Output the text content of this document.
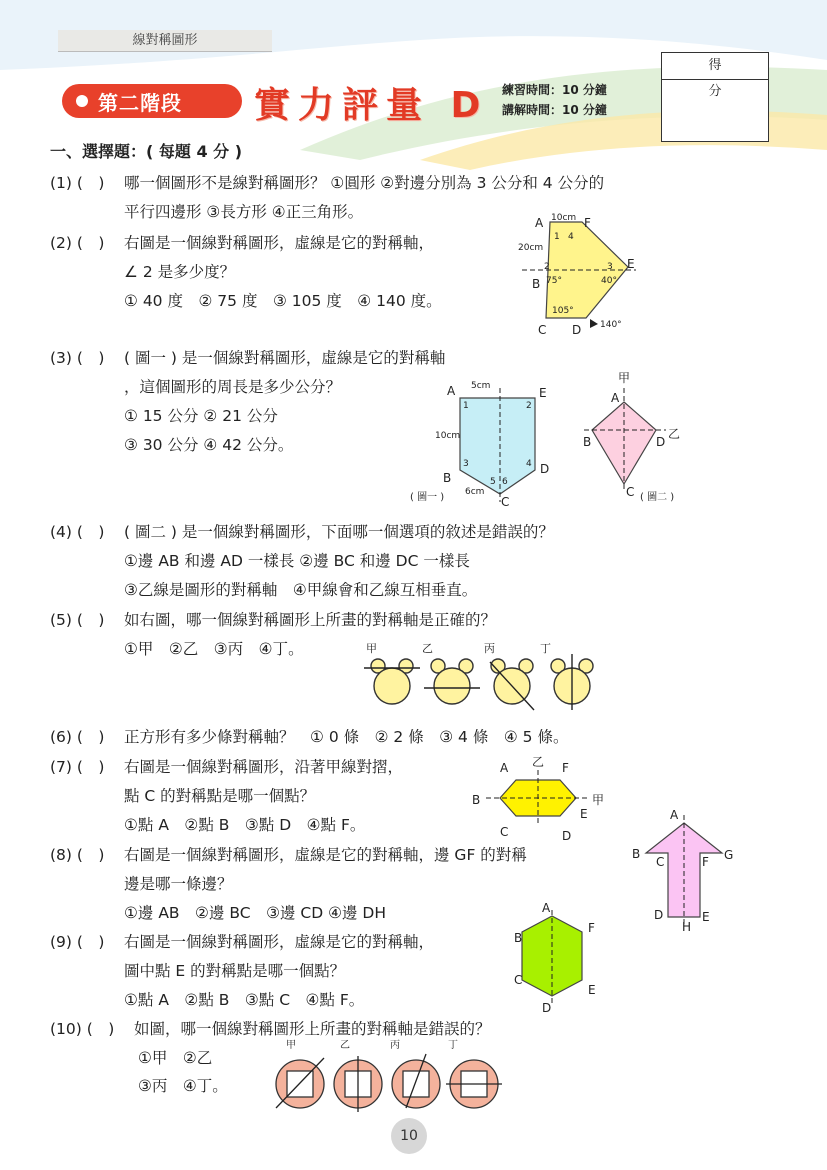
線對稱圖形
第二階段 實力評量 D 練習時間：10 分鐘
講解時間：10 分鐘
得 分
一、選擇題：( 每題 4 分 )
(1) (　) 哪一個圖形不是線對稱圖形？ ①圓形 ②對邊分別為 3 公分和 4 公分的
平行四邊形 ③長方形 ④正三角形。
(2) (　) 右圖是一個線對稱圖形，虛線是它的對稱軸，
∠ 2 是多少度？
① 40 度　② 75 度　③ 105 度　④ 140 度。
(3) (　) ( 圖一 ) 是一個線對稱圖形，虛線是它的對稱軸
，這個圖形的周長是多少公分？
① 15 公分 ② 21 公分
③ 30 公分 ④ 42 公分。
(4) (　) ( 圖二 ) 是一個線對稱圖形，下面哪一個選項的敘述是錯誤的？
①邊 AB 和邊 AD 一樣長 ②邊 BC 和邊 DC 一樣長
③乙線是圖形的對稱軸　④甲線會和乙線互相垂直。
(5) (　) 如右圖，哪一個線對稱圖形上所畫的對稱軸是正確的？
①甲　②乙　③丙　④丁。
(6) (　) 正方形有多少條對稱軸？　① 0 條　② 2 條　③ 4 條　④ 5 條。
(7) (　) 右圖是一個線對稱圖形，沿著甲線對摺，
點 C 的對稱點是哪一個點？
①點 A　②點 B　③點 D　④點 F。
(8) (　) 右圖是一個線對稱圖形，虛線是它的對稱軸，邊 GF 的對稱
邊是哪一條邊？
①邊 AB　②邊 BC　③邊 CD ④邊 DH
(9) (　) 右圖是一個線對稱圖形，虛線是它的對稱軸，
圖中點 E 的對稱點是哪一個點？
①點 A　②點 B　③點 C　④點 F。
(10) (　) 如圖，哪一個線對稱圖形上所畫的對稱軸是錯誤的？
①甲　②乙
③丙　④丁。
A	F
10cm
20cm
1 4
2	3
75°	40°
105°
B
E
C D 140°
A	E
5cm
10cm
B
D
C
6cm
1	2
3	4
5 6
( 圖一 )
甲
乙
A
B	D
C ( 圖二 )
甲	乙	丙	丁
乙
A	F
B	甲
E
C	D
A
B
C	F G
D	E
H
A
F
B
C
E
D
甲	乙	丙	丁
10
